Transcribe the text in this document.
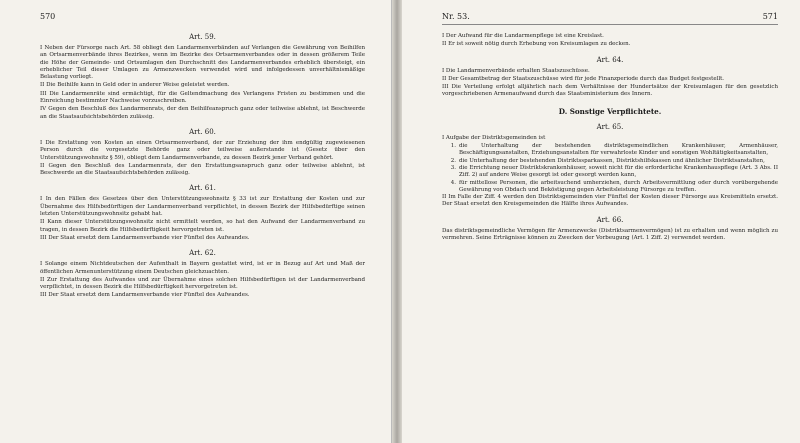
570
Art. 59.

I Neben der Fürsorge nach Art. 58 obliegt den Landarmenverbänden auf Verlangen die Gewährung von Beihilfen an Ortsarmenverbände ihres Bezirkes, wenn im Bezirke des Ortsarmenverbandes oder in dessen größerem Teile die Höhe der Gemeinde- und Ortsumlagen den Durchschnitt des Landarmenverbandes erheblich übersteigt, ein erheblicher Teil dieser Umlagen zu Armenzwecken verwendet wird und infolgedessen unverhältnismäßige Belastung vorliegt.

II Die Beihilfe kann in Geld oder in anderer Weise geleistet werden.

III Die Landarmenräte sind ermächtigt, für die Geltendmachung des Verlangens Fristen zu bestimmen und die Einreichung bestimmter Nachweise vorzuschreiben.

IV Gegen den Beschluß des Landarmenrats, der den Beihilfeanspruch ganz oder teilweise ablehnt, ist Beschwerde an die Staatsaufsichtsbehörden zulässig.

Art. 60.

I Die Erstattung von Kosten an einen Ortsarmenverband, der zur Erziehung der ihm endgültig zugewiesenen Person durch die vorgesetzte Behörde ganz oder teilweise außerstande ist (Gesetz über den Unterstützungswohnsitz § 59), obliegt dem Landarmenverbande, zu dessen Bezirk jener Verband gehört.

II Gegen den Beschluß des Landarmenrats, der den Erstattungsanspruch ganz oder teilweise ablehnt, ist Beschwerde an die Staatsaufsichtsbehörden zulässig.

Art. 61.

I In den Fällen des Gesetzes über den Unterstützungswohnsitz § 33 ist zur Erstattung der Kosten und zur Übernahme des Hilfsbedürftigen der Landarmenverband verpflichtet, in dessen Bezirk der Hilfsbedürftige seinen letzten Unterstützungswohnsitz gehabt hat.

II Kann dieser Unterstützungswohnsitz nicht ermittelt werden, so hat den Aufwand der Landarmenverband zu tragen, in dessen Bezirk die Hilfsbedürftigkeit hervorgetreten ist.

III Der Staat ersetzt dem Landarmenverbande vier Fünftel des Aufwandes.

Art. 62.

I Solange einem Nichtdeutschen der Aufenthalt in Bayern gestattet wird, ist er in Bezug auf Art und Maß der öffentlichen Armenunterstützung einem Deutschen gleichzuachten.

II Zur Erstattung des Aufwandes und zur Übernahme eines solchen Hilfsbedürftigen ist der Landarmenverband verpflichtet, in dessen Bezirk die Hilfsbedürftigkeit hervorgetreten ist.

III Der Staat ersetzt dem Landarmenverbande vier Fünftel des Aufwandes.

Nr. 53.	571

I Der Aufwand für die Landarmenpflege ist eine Kreislast.

II Er ist soweit nötig durch Erhebung von Kreisumlagen zu decken.

Art. 64.

I Die Landarmenverbände erhalten Staatszuschüsse.

II Der Gesamtbetrag der Staatszuschüsse wird für jede Finanzperiode durch das Budget festgestellt.

III Die Verteilung erfolgt alljährlich nach dem Verhältnisse der Hundertsätze der Kreisumlagen für den gesetzlich vorgeschriebenen Armenaufwand durch das Staatsministerium des Innern.

D. Sonstige Verpflichtete.
Art. 65.

I Aufgabe der Distriktsgemeinden ist

1. die Unterhaltung der bestehenden distriktsgemeindlichen Krankenhäuser, Armenhäuser, Beschäftigungsanstalten, Erziehungsanstalten für verwahrloste Kinder und sonstigen Wohltätigkeitsanstalten,
2. die Unterhaltung der bestehenden Distriktssparkassen, Distriktshilfskassen und ähnlicher Distriktsanstalten,
3. die Errichtung neuer Distriktskrankenhäuser, soweit nicht für die erforderliche Krankenhauspflege (Art. 3 Abs. II Ziff. 2) auf andere Weise gesorgt ist oder gesorgt werden kann,
4. für mittellose Personen, die arbeitsuchend umherziehen, durch Arbeitsvermittlung oder durch vorübergehende Gewährung von Obdach und Beköstigung gegen Arbeitsleistung Fürsorge zu treffen.

II Im Falle der Ziff. 4 werden den Distriktsgemeinden vier Fünftel der Kosten dieser Fürsorge aus Kreismitteln ersetzt. Der Staat ersetzt den Kreisgemeinden die Hälfte ihres Aufwandes.

Art. 66.

Das distriktsgemeindliche Vermögen für Armenzwecke (Distriktsarmenvermögen) ist zu erhalten und wenn möglich zu vermehren. Seine Erträgnisse können zu Zwecken der Vorbeugung (Art. 1 Ziff. 2) verwendet werden.
